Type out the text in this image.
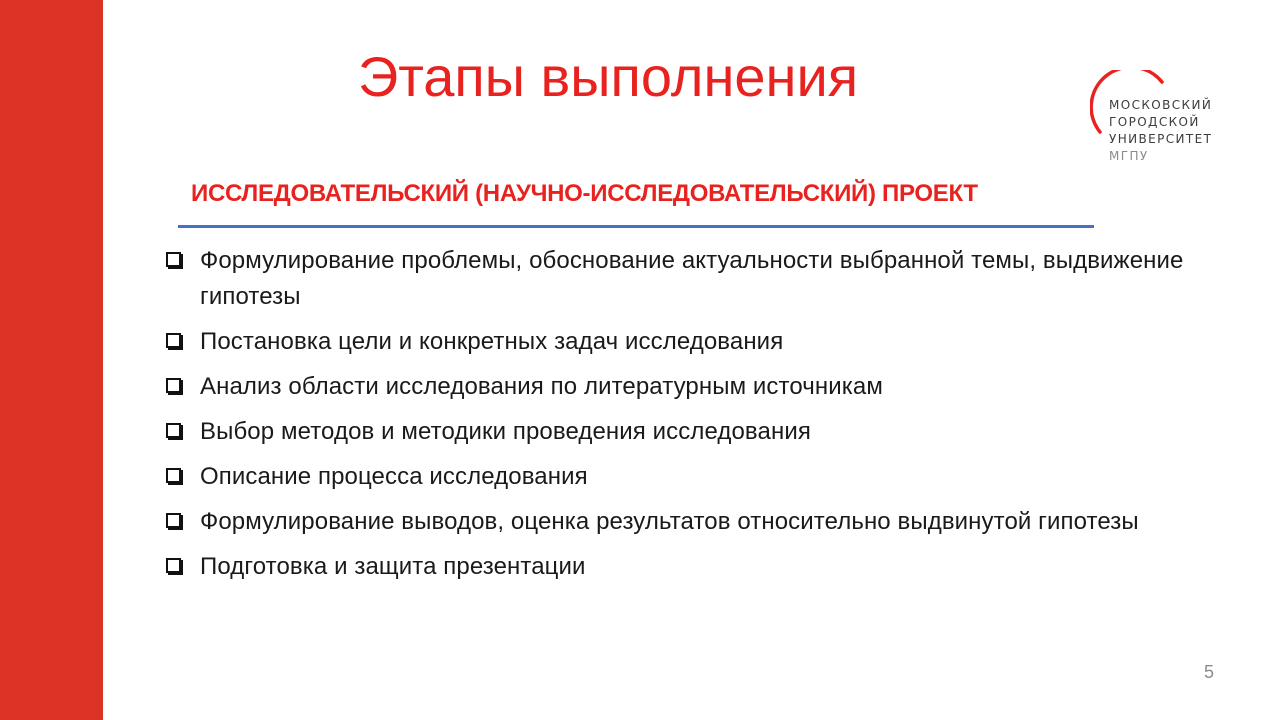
Этапы выполнения	МОСКОВСКИЙ
ГОРОДСКОЙ
УНИВЕРСИТЕТ
МГПУ
ИССЛЕДОВАТЕЛЬСКИЙ (НАУЧНО-ИССЛЕДОВАТЕЛЬСКИЙ) ПРОЕКТ
Формулирование проблемы, обоснование актуальности выбранной темы, выдвижение гипотезы
Постановка цели и конкретных задач исследования
Анализ области исследования по литературным источникам
Выбор методов и методики проведения исследования
Описание процесса исследования
Формулирование выводов, оценка результатов относительно выдвинутой гипотезы
Подготовка и защита презентации
5
